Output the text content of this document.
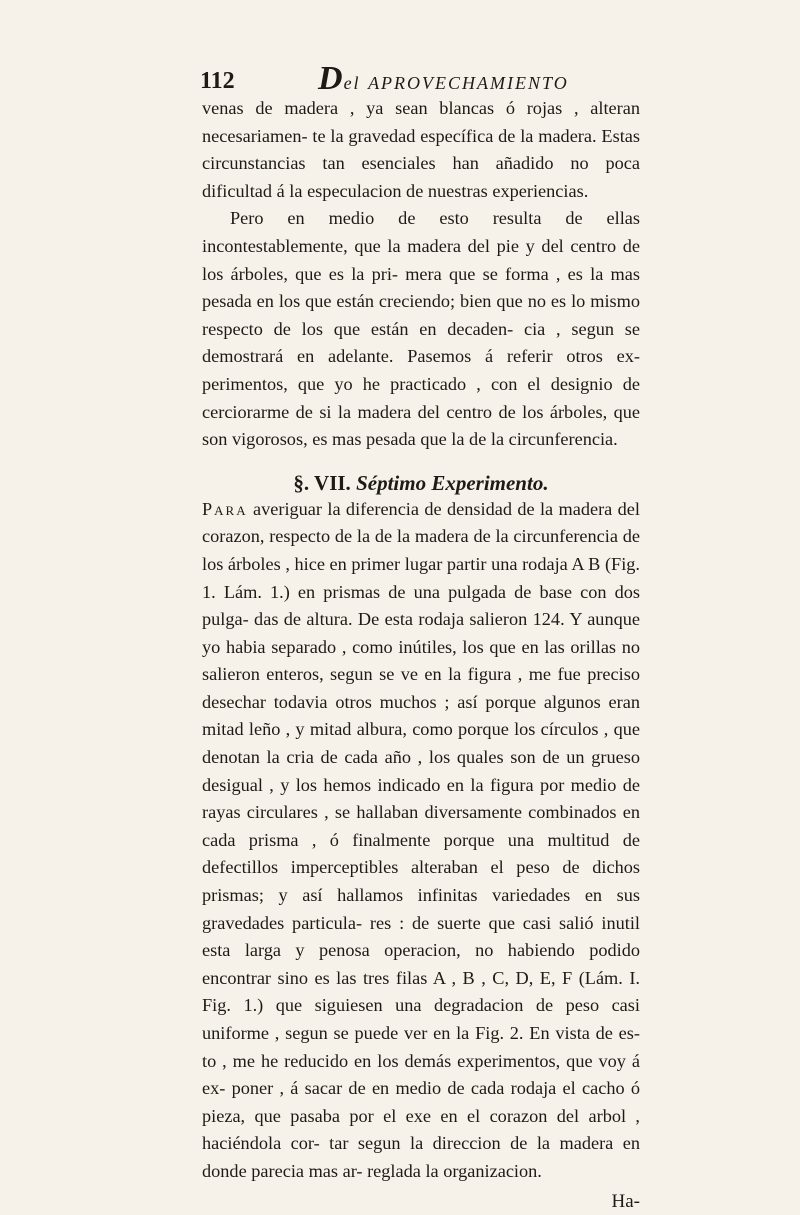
112 Del APROVECHAMIENTO

venas de madera , ya sean blancas ó rojas , alteran necesariamen- te la gravedad específica de la madera. Estas circunstancias tan esenciales han añadido no poca dificultad á la especulacion de nuestras experiencias.

Pero en medio de esto resulta de ellas incontestablemente, que la madera del pie y del centro de los árboles, que es la pri- mera que se forma , es la mas pesada en los que están creciendo; bien que no es lo mismo respecto de los que están en decaden- cia , segun se demostrará en adelante. Pasemos á referir otros ex- perimentos, que yo he practicado , con el designio de cerciorarme de si la madera del centro de los árboles, que son vigorosos, es mas pesada que la de la circunferencia.

§. VII. Séptimo Experimento.

Para averiguar la diferencia de densidad de la madera del corazon, respecto de la de la madera de la circunferencia de los árboles , hice en primer lugar partir una rodaja A B (Fig. 1. Lám. 1.) en prismas de una pulgada de base con dos pulga- das de altura. De esta rodaja salieron 124. Y aunque yo habia separado , como inútiles, los que en las orillas no salieron enteros, segun se ve en la figura , me fue preciso desechar todavia otros muchos ; así porque algunos eran mitad leño , y mitad albura, como porque los círculos , que denotan la cria de cada año , los quales son de un grueso desigual , y los hemos indicado en la figura por medio de rayas circulares , se hallaban diversamente combinados en cada prisma , ó finalmente porque una multitud de defectillos imperceptibles alteraban el peso de dichos prismas; y así hallamos infinitas variedades en sus gravedades particula- res : de suerte que casi salió inutil esta larga y penosa operacion, no habiendo podido encontrar sino es las tres filas A , B , C, D, E, F (Lám. I. Fig. 1.) que siguiesen una degradacion de peso casi uniforme , segun se puede ver en la Fig. 2. En vista de es- to , me he reducido en los demás experimentos, que voy á ex- poner , á sacar de en medio de cada rodaja el cacho ó pieza, que pasaba por el exe en el corazon del arbol , haciéndola cor- tar segun la direccion de la madera en donde parecia mas ar- reglada la organizacion.

Ha-
